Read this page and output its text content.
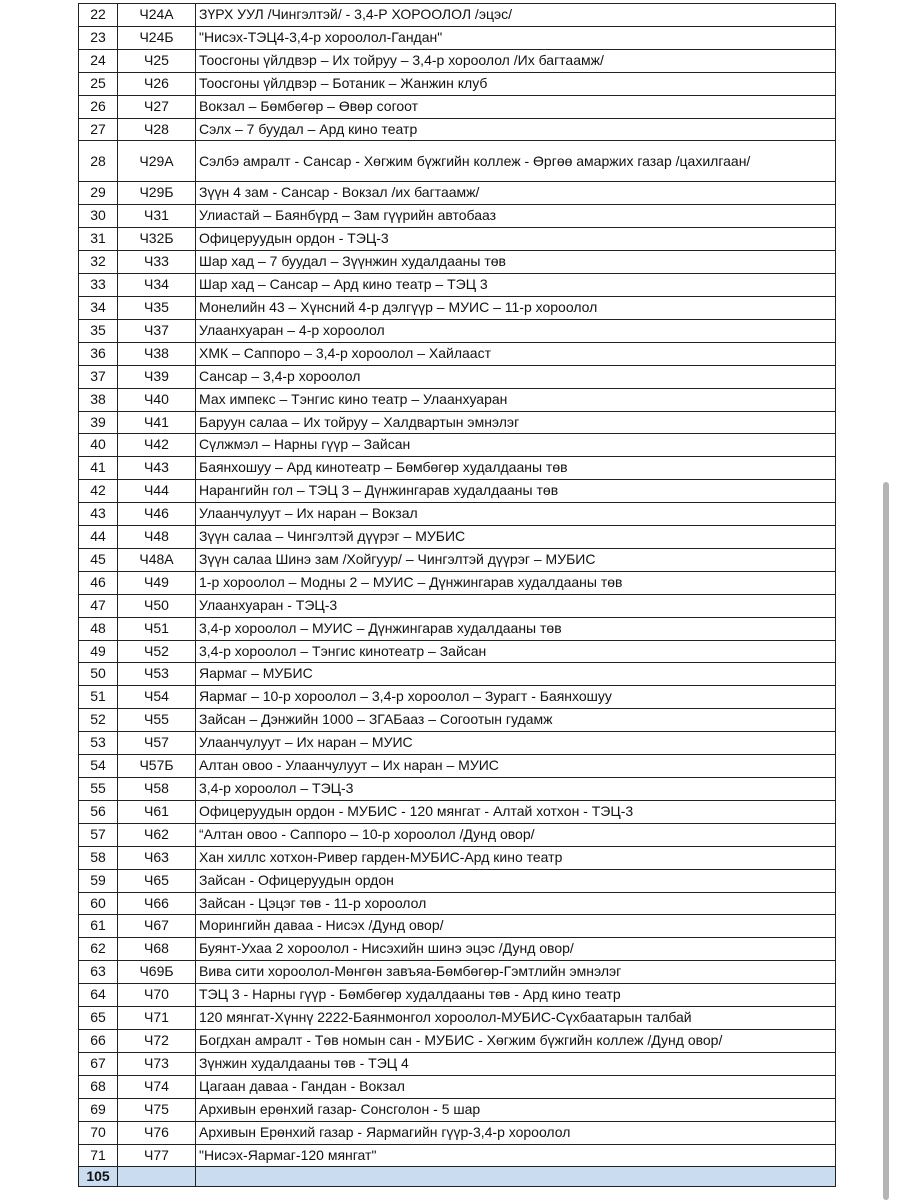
22	Ч24А	ЗҮРХ УУЛ /Чингэлтэй/ - 3,4-Р ХОРООЛОЛ /эцэс/
23	Ч24Б	"Нисэх-ТЭЦ4-3,4-р хороолол-Гандан"
24	Ч25	Тоосгоны үйлдвэр – Их тойруу – 3,4-р хороолол /Их багтаамж/
25	Ч26	Тоосгоны үйлдвэр – Ботаник – Жанжин клуб
26	Ч27	Вокзал – Бөмбөгөр – Өвөр согоот
27	Ч28	Сэлх – 7 буудал – Ард кино театр
28	Ч29А	Сэлбэ амралт - Сансар - Хөгжим бүжгийн коллеж - Өргөө амаржих газар /цахилгаан/
29	Ч29Б	Зүүн 4 зам - Сансар - Вокзал /их багтаамж/
30	Ч31	Улиастай – Баянбүрд – Зам гүүрийн автобааз
31	Ч32Б	Офицеруудын ордон - ТЭЦ-3
32	Ч33	Шар хад – 7 буудал – Зүүнжин худалдааны төв
33	Ч34	Шар хад – Сансар – Ард кино театр – ТЭЦ 3
34	Ч35	Монелийн 43 – Хүнсний 4-р дэлгүүр – МУИС – 11-р хороолол
35	Ч37	Улаанхуаран – 4-р хороолол
36	Ч38	ХМК – Саппоро – 3,4-р хороолол – Хайлааст
37	Ч39	Сансар – 3,4-р хороолол
38	Ч40	Мах импекс – Тэнгис кино театр – Улаанхуаран
39	Ч41	Баруун салаа – Их тойруу – Халдвартын эмнэлэг
40	Ч42	Сүлжмэл – Нарны гүүр – Зайсан
41	Ч43	Баянхошуу – Ард кинотеатр – Бөмбөгөр худалдааны төв
42	Ч44	Нарангийн гол – ТЭЦ 3 – Дүнжингарав худалдааны төв
43	Ч46	Улаанчулуут – Их наран – Вокзал
44	Ч48	Зүүн салаа – Чингэлтэй дүүрэг – МУБИС
45	Ч48А	Зүүн салаа Шинэ зам /Хойгуур/ – Чингэлтэй дүүрэг – МУБИС
46	Ч49	1-р хороолол – Модны 2 – МУИС – Дүнжингарав худалдааны төв
47	Ч50	Улаанхуаран - ТЭЦ-3
48	Ч51	3,4-р хороолол – МУИС – Дүнжингарав худалдааны төв
49	Ч52	3,4-р хороолол – Тэнгис кинотеатр – Зайсан
50	Ч53	Яармаг – МУБИС
51	Ч54	Яармаг – 10-р хороолол – 3,4-р хороолол – Зурагт - Баянхошуу
52	Ч55	Зайсан – Дэнжийн 1000 – ЗГАБааз – Согоотын гудамж
53	Ч57	Улаанчулуут – Их наран – МУИС
54	Ч57Б	Алтан овоо - Улаанчулуут – Их наран – МУИС
55	Ч58	3,4-р хороолол – ТЭЦ-3
56	Ч61	Офицеруудын ордон - МУБИС - 120 мянгат - Алтай хотхон - ТЭЦ-3
57	Ч62	“Алтан овоо - Саппоро – 10-р хороолол /Дунд овор/
58	Ч63	Хан хиллс хотхон-Ривер гарден-МУБИС-Ард кино театр
59	Ч65	Зайсан - Офицеруудын ордон
60	Ч66	Зайсан - Цэцэг төв - 11-р хороолол
61	Ч67	Морингийн даваа - Нисэх /Дунд овор/
62	Ч68	Буянт-Ухаа 2 хороолол - Нисэхийн шинэ эцэс /Дунд овор/
63	Ч69Б	Вива сити хороолол-Мөнгөн завъяа-Бөмбөгөр-Гэмтлийн эмнэлэг
64	Ч70	ТЭЦ 3 - Нарны гүүр - Бөмбөгөр худалдааны төв - Ард кино театр
65	Ч71	120 мянгат-Хүннү 2222-Баянмонгол хороолол-МУБИС-Сүхбаатарын талбай
66	Ч72	Богдхан амралт - Төв номын сан - МУБИС - Хөгжим бүжгийн коллеж /Дунд овор/
67	Ч73	Зүнжин худалдааны төв - ТЭЦ 4
68	Ч74	Цагаан даваа - Гандан - Вокзал
69	Ч75	Архивын ерөнхий газар- Сонсголон - 5 шар
70	Ч76	Архивын Ерөнхий газар - Яармагийн гүүр-3,4-р хороолол
71	Ч77	"Нисэх-Яармаг-120 мянгат"
105		
